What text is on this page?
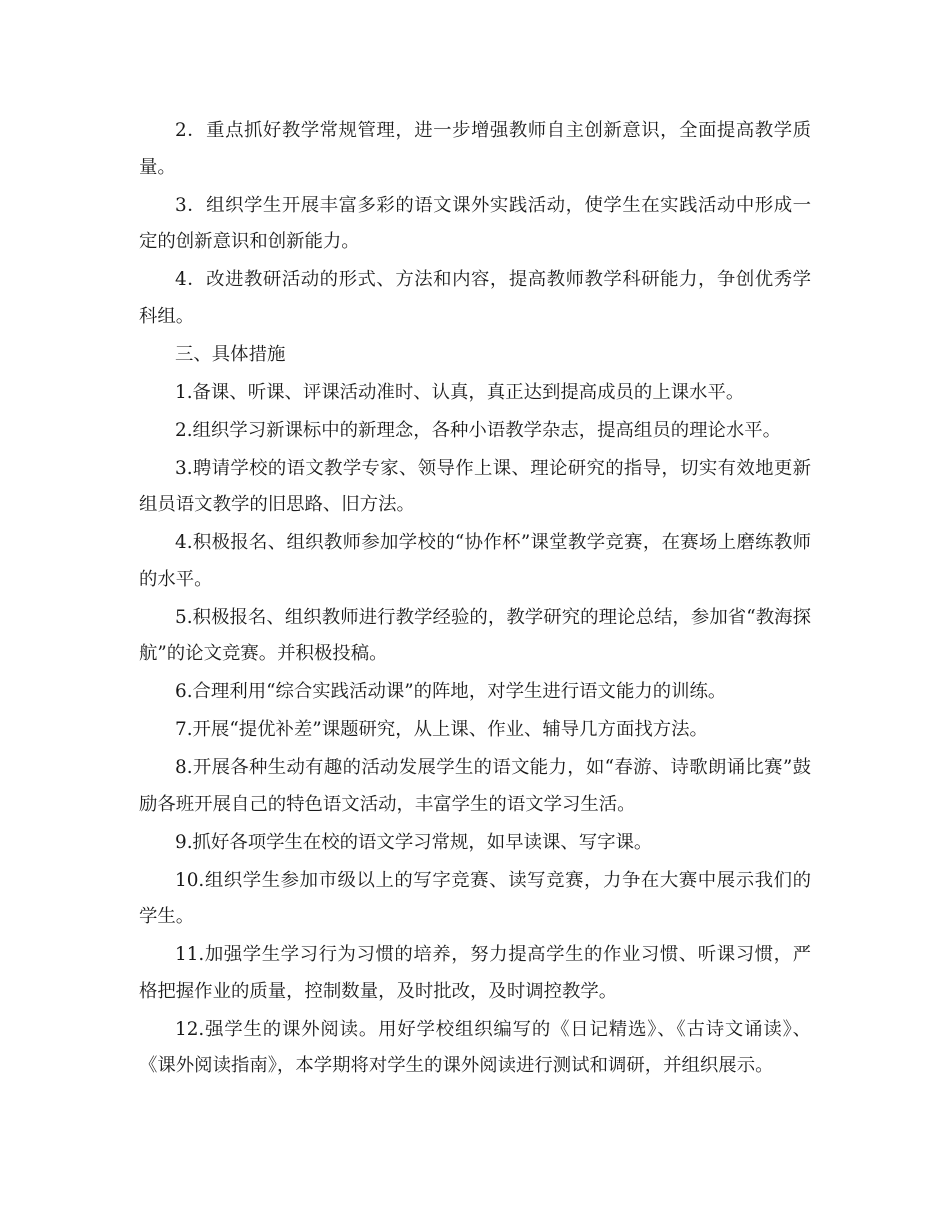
2．重点抓好教学常规管理，进一步增强教师自主创新意识，全面提高教学质量。

3．组织学生开展丰富多彩的语文课外实践活动，使学生在实践活动中形成一定的创新意识和创新能力。

4．改进教研活动的形式、方法和内容，提高教师教学科研能力，争创优秀学科组。

三、具体措施

1.备课、听课、评课活动准时、认真，真正达到提高成员的上课水平。

2.组织学习新课标中的新理念，各种小语教学杂志，提高组员的理论水平。

3.聘请学校的语文教学专家、领导作上课、理论研究的指导，切实有效地更新组员语文教学的旧思路、旧方法。

4.积极报名、组织教师参加学校的“协作杯”课堂教学竞赛，在赛场上磨练教师的水平。

5.积极报名、组织教师进行教学经验的，教学研究的理论总结，参加省“教海探航”的论文竞赛。并积极投稿。

6.合理利用“综合实践活动课”的阵地，对学生进行语文能力的训练。

7.开展“提优补差”课题研究，从上课、作业、辅导几方面找方法。

8.开展各种生动有趣的活动发展学生的语文能力，如“春游、诗歌朗诵比赛”鼓励各班开展自己的特色语文活动，丰富学生的语文学习生活。

9.抓好各项学生在校的语文学习常规，如早读课、写字课。

10.组织学生参加市级以上的写字竞赛、读写竞赛，力争在大赛中展示我们的学生。

11.加强学生学习行为习惯的培养，努力提高学生的作业习惯、听课习惯，严格把握作业的质量，控制数量，及时批改，及时调控教学。

12.强学生的课外阅读。用好学校组织编写的《日记精选》、《古诗文诵读》、《课外阅读指南》，本学期将对学生的课外阅读进行测试和调研，并组织展示。
